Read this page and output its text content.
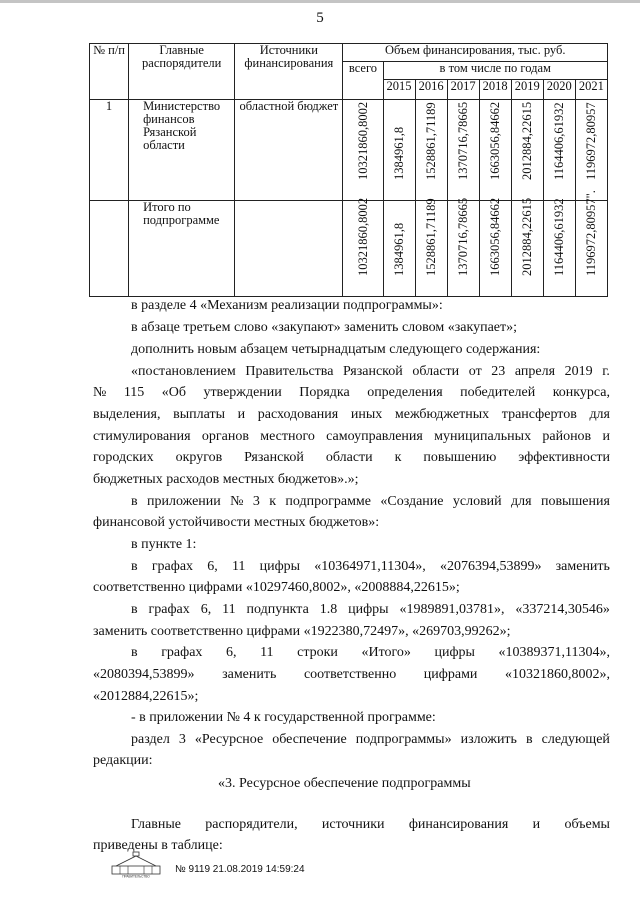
5
№ п/п	Главные распорядители	Источники финансирования	Объем финансирования, тыс. руб.							
			всего	в том числе по годам						
				2015	2016	2017	2018	2019	2020	2021
1	Министерство финансов Рязанской области	областной бюджет	10321860,8002	1384961,8	1528861,71189	1370716,78665	1663056,84662	2012884,22615	1164406,61932	1196972,80957

	Итого по подпрограмме		10321860,8002	1384961,8	1528861,71189	1370716,78665	1663056,84662	2012884,22615	1164406,61932	1196972,80957".
в разделе 4 «Механизм реализации подпрограммы»:
в абзаце третьем слово «закупают» заменить словом «закупает»;
дополнить новым абзацем четырнадцатым следующего содержания:
«постановлением Правительства Рязанской области от 23 апреля 2019 г.
№ 115 «Об утверждении Порядка определения победителей конкурса,
выделения, выплаты и расходования иных межбюджетных трансфертов для
стимулирования органов местного самоуправления муниципальных районов и
городских округов Рязанской области к повышению эффективности
бюджетных расходов местных бюджетов».»;
в приложении № 3 к подпрограмме «Создание условий для повышения
финансовой устойчивости местных бюджетов»:
в пункте 1:
в графах 6, 11 цифры «10364971,11304», «2076394,53899» заменить
соответственно цифрами «10297460,8002», «2008884,22615»;
в графах 6, 11 подпункта 1.8 цифры «1989891,03781», «337214,30546»
заменить соответственно цифрами «1922380,72497», «269703,99262»;
в графах 6, 11 строки «Итого» цифры «10389371,11304»,
«2080394,53899» заменить соответственно цифрами «10321860,8002»,
«2012884,22615»;
- в приложении № 4 к государственной программе:
раздел 3 «Ресурсное обеспечение подпрограммы» изложить в следующей
редакции:
«3. Ресурсное обеспечение подпрограммы
Главные распорядители, источники финансирования и объемы
приведены в таблице:
ПРАВИТЕЛЬСТВО
№ 9119 21.08.2019 14:59:24
